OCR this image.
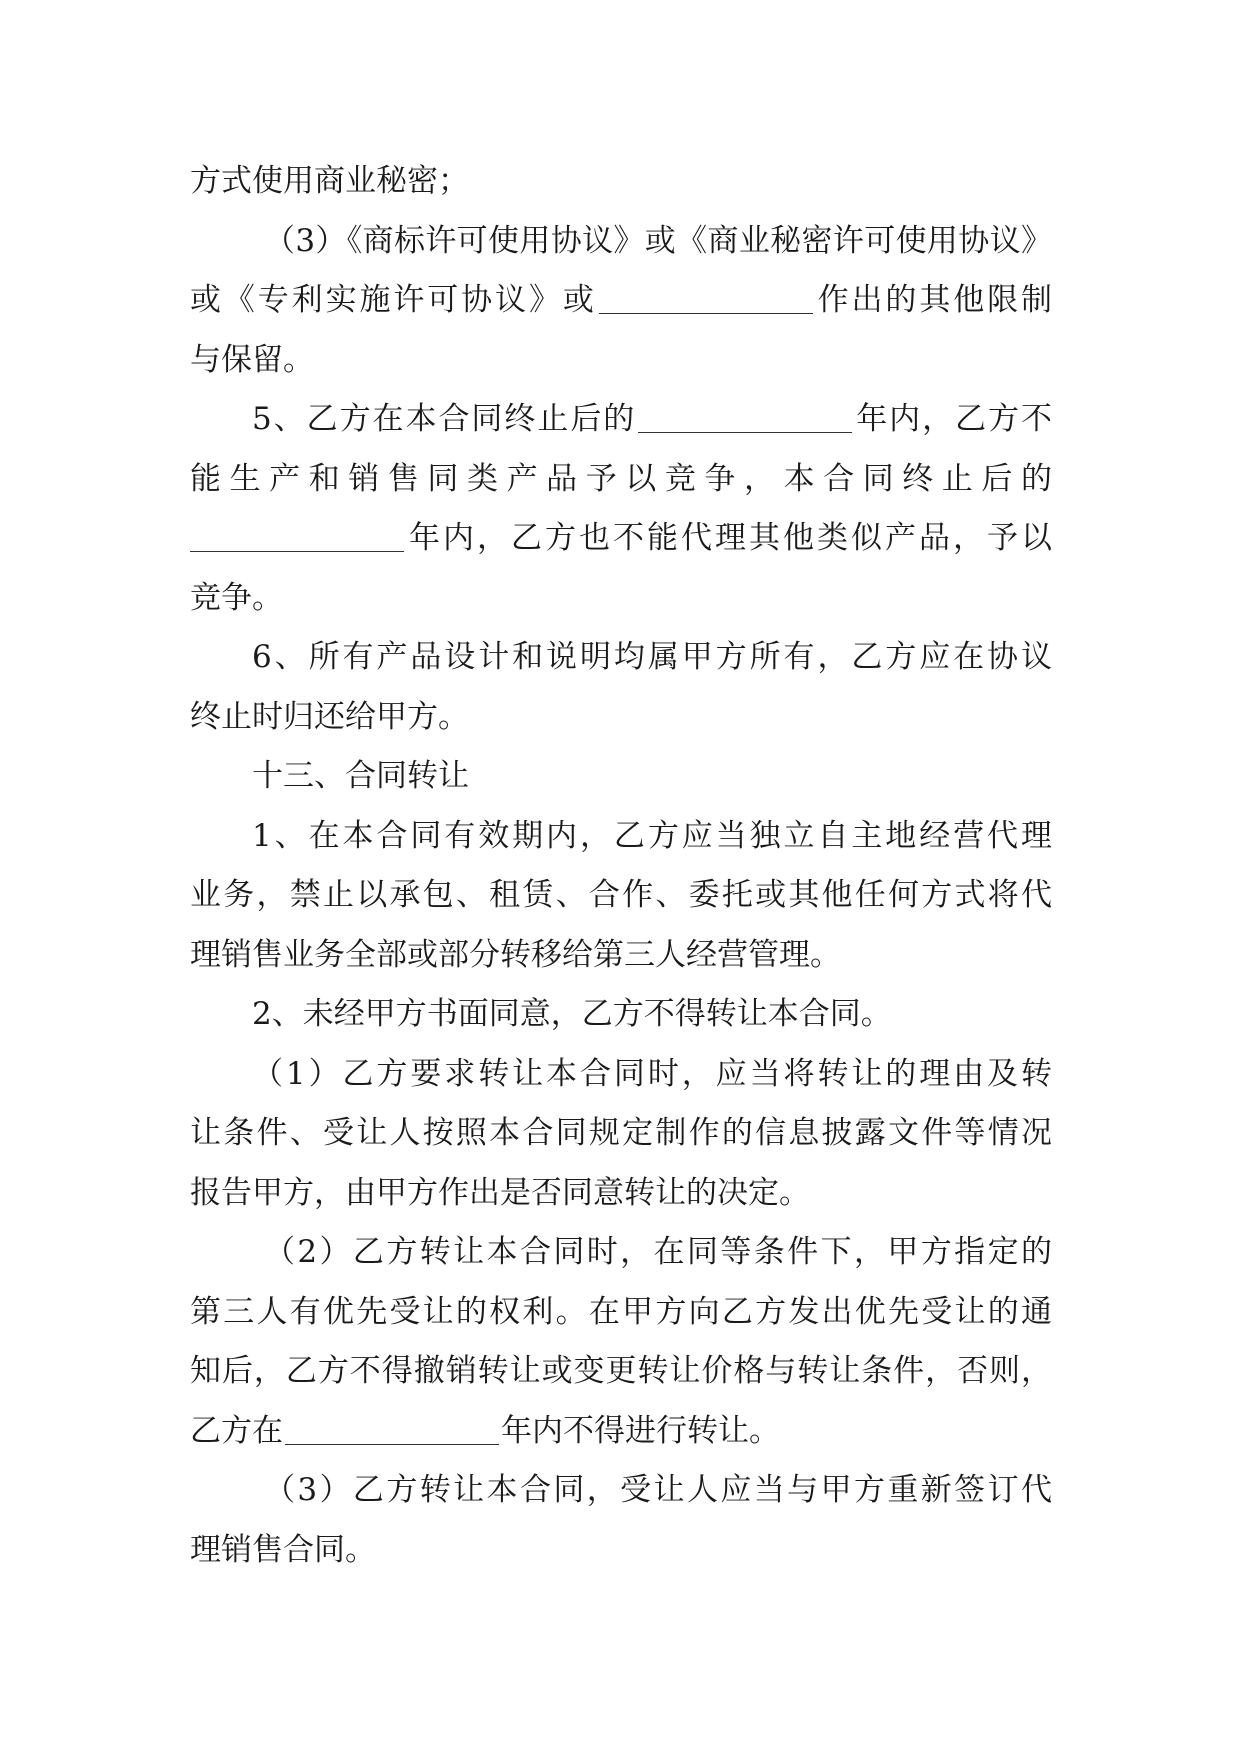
方式使用商业秘密；
（3）《商标许可使用协议》或《商业秘密许可使用协议》
或《专利实施许可协议》或	作出的其他限制
与保留。
5、乙方在本合同终止后的	年内，乙方不
能生产和销售同类产品予以竞争，本合同终止后的
年内，乙方也不能代理其他类似产品，予以
竞争。
6、所有产品设计和说明均属甲方所有，乙方应在协议
终止时归还给甲方。
十三、合同转让
1、在本合同有效期内，乙方应当独立自主地经营代理
业务，禁止以承包、租赁、合作、委托或其他任何方式将代
理销售业务全部或部分转移给第三人经营管理。
2、未经甲方书面同意，乙方不得转让本合同。
（1）乙方要求转让本合同时，应当将转让的理由及转
让条件、受让人按照本合同规定制作的信息披露文件等情况
报告甲方，由甲方作出是否同意转让的决定。
（2）乙方转让本合同时，在同等条件下，甲方指定的
第三人有优先受让的权利。在甲方向乙方发出优先受让的通
知后，乙方不得撤销转让或变更转让价格与转让条件，否则，
乙方在	年内不得进行转让。
（3）乙方转让本合同，受让人应当与甲方重新签订代
理销售合同。
